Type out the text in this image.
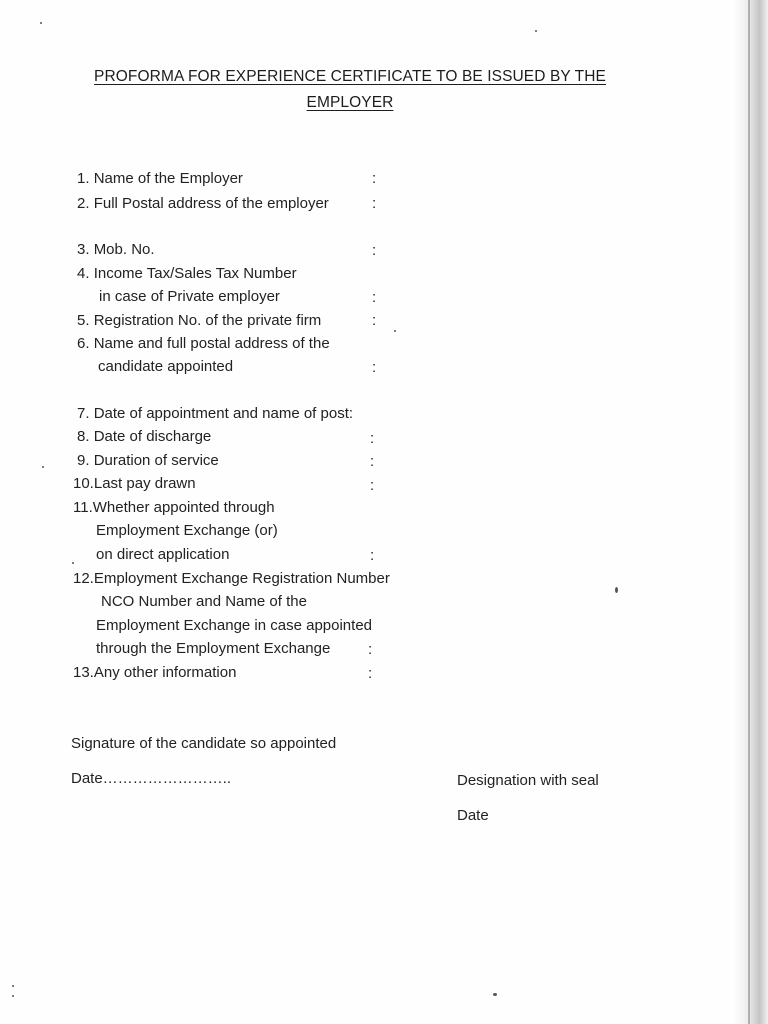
PROFORMA FOR EXPERIENCE CERTIFICATE TO BE ISSUED BY THE
EMPLOYER
1. Name of the Employer	:
2. Full Postal address of the employer	:
3. Mob. No.	:
4. Income Tax/Sales Tax Number
in case of Private employer	:
5. Registration No. of the private firm	:
6. Name and full postal address of the
candidate appointed	:
7. Date of appointment and name of post:
8. Date of discharge	:
9. Duration of service	:
10.Last pay drawn	:
11.Whether appointed through
Employment Exchange (or)
on direct application	:
12.Employment Exchange Registration Number
NCO Number and Name of the
Employment Exchange in case appointed
through the Employment Exchange	:
13.Any other information	:
Signature of the candidate so appointed
Date……………………..	Designation with seal
Date
